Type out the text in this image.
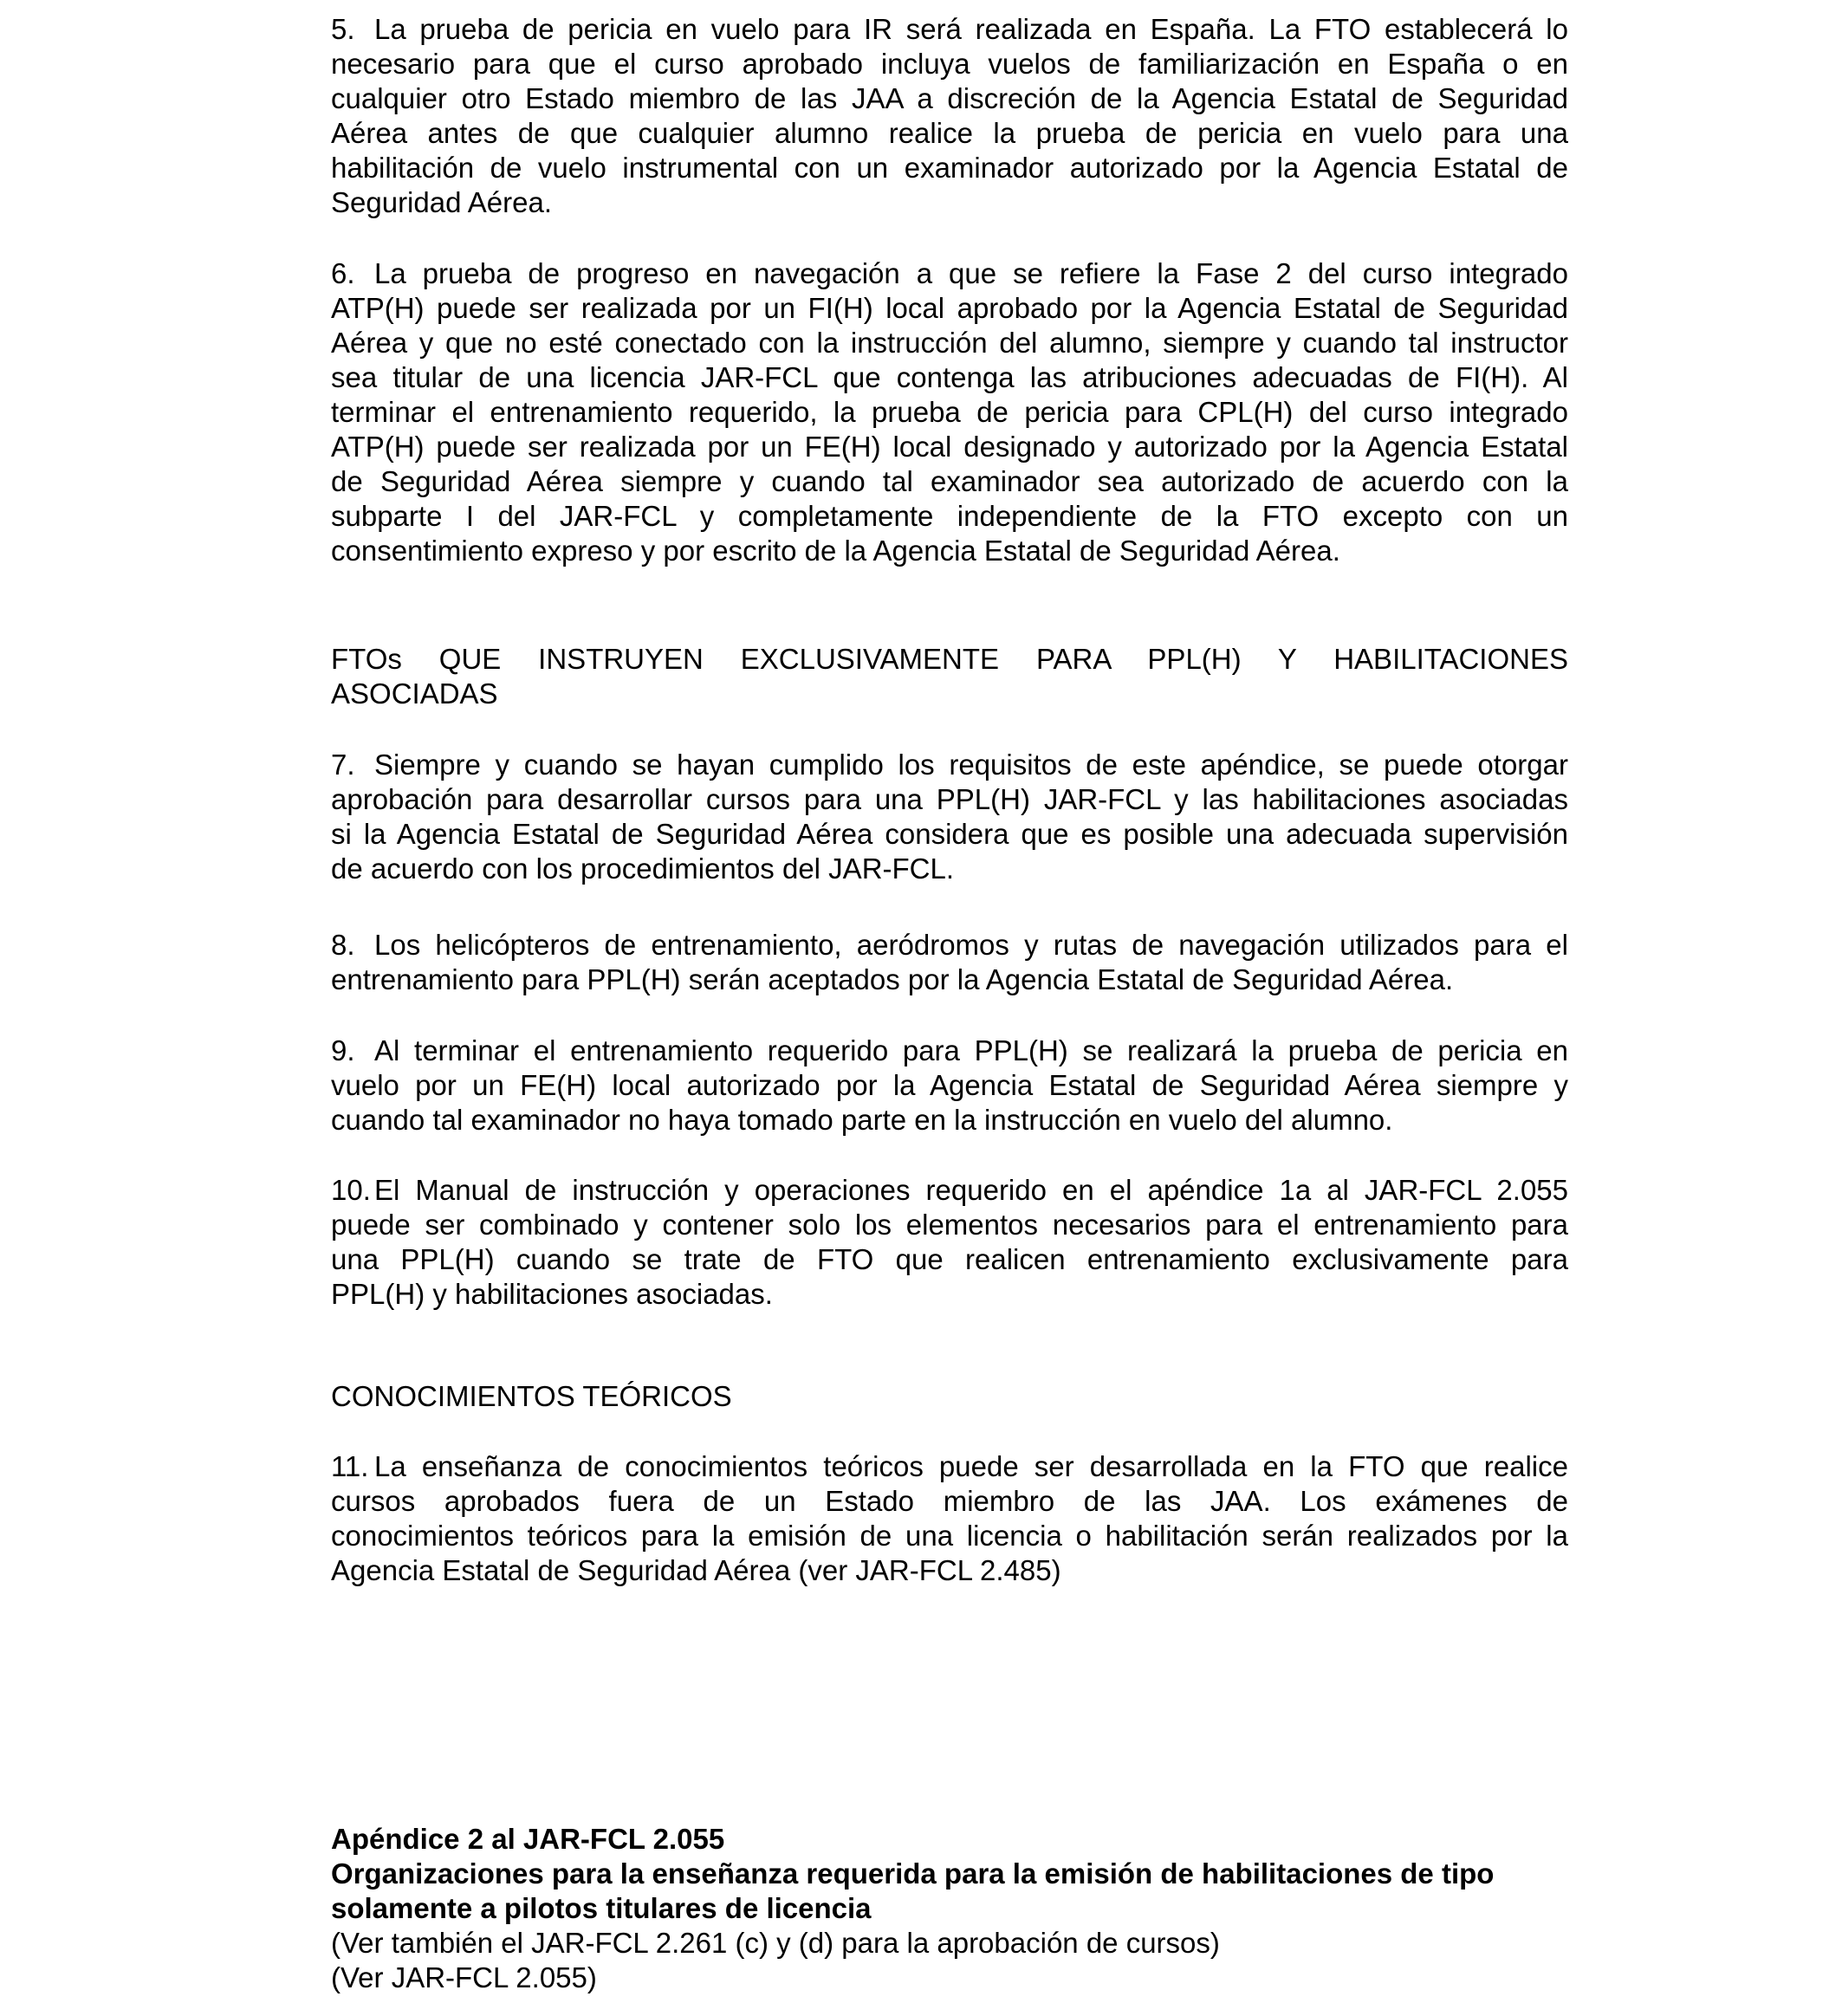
5. La prueba de pericia en vuelo para IR será realizada en España. La FTO establecerá lo
necesario para que el curso aprobado incluya vuelos de familiarización en España o en
cualquier otro Estado miembro de las JAA a discreción de la Agencia Estatal de Seguridad
Aérea antes de que cualquier alumno realice la prueba de pericia en vuelo para una
habilitación de vuelo instrumental con un examinador autorizado por la Agencia Estatal de
Seguridad Aérea.
6. La prueba de progreso en navegación a que se refiere la Fase 2 del curso integrado
ATP(H) puede ser realizada por un FI(H) local aprobado por la Agencia Estatal de Seguridad
Aérea y que no esté conectado con la instrucción del alumno, siempre y cuando tal instructor
sea titular de una licencia JAR-FCL que contenga las atribuciones adecuadas de FI(H). Al
terminar el entrenamiento requerido, la prueba de pericia para CPL(H) del curso integrado
ATP(H) puede ser realizada por un FE(H) local designado y autorizado por la Agencia Estatal
de Seguridad Aérea siempre y cuando tal examinador sea autorizado de acuerdo con la
subparte I del JAR-FCL y completamente independiente de la FTO excepto con un
consentimiento expreso y por escrito de la Agencia Estatal de Seguridad Aérea.
FTOs QUE INSTRUYEN EXCLUSIVAMENTE PARA PPL(H) Y HABILITACIONES
ASOCIADAS
7. Siempre y cuando se hayan cumplido los requisitos de este apéndice, se puede otorgar
aprobación para desarrollar cursos para una PPL(H) JAR-FCL y las habilitaciones asociadas
si la Agencia Estatal de Seguridad Aérea considera que es posible una adecuada supervisión
de acuerdo con los procedimientos del JAR-FCL.
8. Los helicópteros de entrenamiento, aeródromos y rutas de navegación utilizados para el
entrenamiento para PPL(H) serán aceptados por la Agencia Estatal de Seguridad Aérea.
9. Al terminar el entrenamiento requerido para PPL(H) se realizará la prueba de pericia en
vuelo por un FE(H) local autorizado por la Agencia Estatal de Seguridad Aérea siempre y
cuando tal examinador no haya tomado parte en la instrucción en vuelo del alumno.
10. El Manual de instrucción y operaciones requerido en el apéndice 1a al JAR-FCL 2.055
puede ser combinado y contener solo los elementos necesarios para el entrenamiento para
una PPL(H) cuando se trate de FTO que realicen entrenamiento exclusivamente para
PPL(H) y habilitaciones asociadas.
CONOCIMIENTOS TEÓRICOS
11. La enseñanza de conocimientos teóricos puede ser desarrollada en la FTO que realice
cursos aprobados fuera de un Estado miembro de las JAA. Los exámenes de
conocimientos teóricos para la emisión de una licencia o habilitación serán realizados por la
Agencia Estatal de Seguridad Aérea (ver JAR-FCL 2.485)
Apéndice 2 al JAR-FCL 2.055
Organizaciones para la enseñanza requerida para la emisión de habilitaciones de tipo
solamente a pilotos titulares de licencia
(Ver también el JAR-FCL 2.261 (c) y (d) para la aprobación de cursos)
(Ver JAR-FCL 2.055)
